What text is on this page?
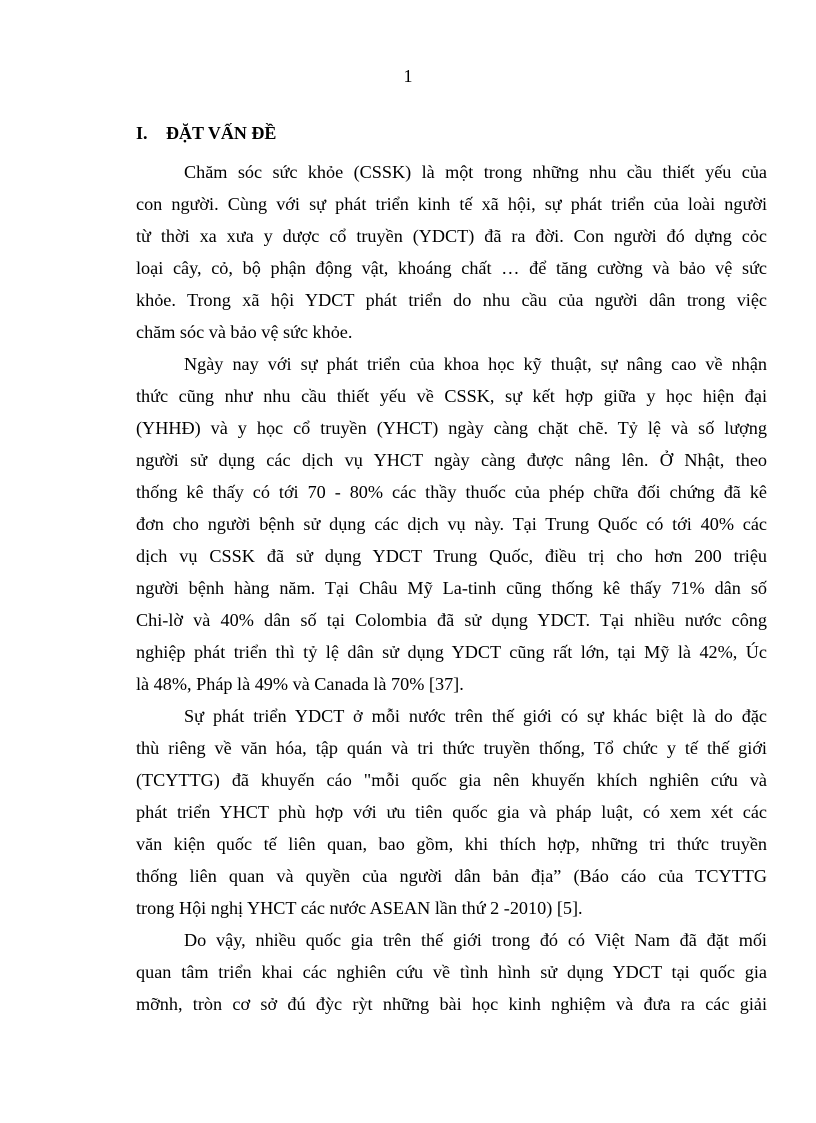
1
I. ĐẶT VẤN ĐỀ
Chăm sóc sức khỏe (CSSK) là một trong những nhu cầu thiết yếu của
con người. Cùng với sự phát triển kinh tế xã hội, sự phát triển của loài người
từ thời xa xưa y dược cổ truyền (YDCT) đã ra đời. Con người đó dựng cỏc
loại cây, cỏ, bộ phận động vật, khoáng chất … để tăng cường và bảo vệ sức
khỏe. Trong xã hội YDCT phát triển do nhu cầu của người dân trong việc
chăm sóc và bảo vệ sức khỏe.
Ngày nay với sự phát triển của khoa học kỹ thuật, sự nâng cao về nhận
thức cũng như nhu cầu thiết yếu về CSSK, sự kết hợp giữa y học hiện đại
(YHHĐ) và y học cổ truyền (YHCT) ngày càng chặt chẽ. Tỷ lệ và số lượng
người sử dụng các dịch vụ YHCT ngày càng được nâng lên. Ở Nhật, theo
thống kê thấy có tới 70 - 80% các thầy thuốc của phép chữa đối chứng đã kê
đơn cho người bệnh sử dụng các dịch vụ này. Tại Trung Quốc có tới 40% các
dịch vụ CSSK đã sử dụng YDCT Trung Quốc, điều trị cho hơn 200 triệu
người bệnh hàng năm. Tại Châu Mỹ La-tinh cũng thống kê thấy 71% dân số
Chi-lờ và 40% dân số tại Colombia đã sử dụng YDCT. Tại nhiều nước công
nghiệp phát triển thì tỷ lệ dân sử dụng YDCT cũng rất lớn, tại Mỹ là 42%, Úc
là 48%, Pháp là 49% và Canada là 70% [37].
Sự phát triển YDCT ở mỗi nước trên thế giới có sự khác biệt là do đặc
thù riêng về văn hóa, tập quán và tri thức truyền thống, Tổ chức y tế thế giới
(TCYTTG) đã khuyến cáo "mỗi quốc gia nên khuyến khích nghiên cứu và
phát triển YHCT phù hợp với ưu tiên quốc gia và pháp luật, có xem xét các
văn kiện quốc tế liên quan, bao gồm, khi thích hợp, những tri thức truyền
thống liên quan và quyền của người dân bản địa” (Báo cáo của TCYTTG
trong Hội nghị YHCT các nước ASEAN lần thứ 2 -2010) [5].
Do vậy, nhiều quốc gia trên thế giới trong đó có Việt Nam đã đặt mối
quan tâm triển khai các nghiên cứu về tình hình sử dụng YDCT tại quốc gia
mỡnh, tròn cơ sở đú đỳc rỳt những bài học kinh nghiệm và đưa ra các giải
